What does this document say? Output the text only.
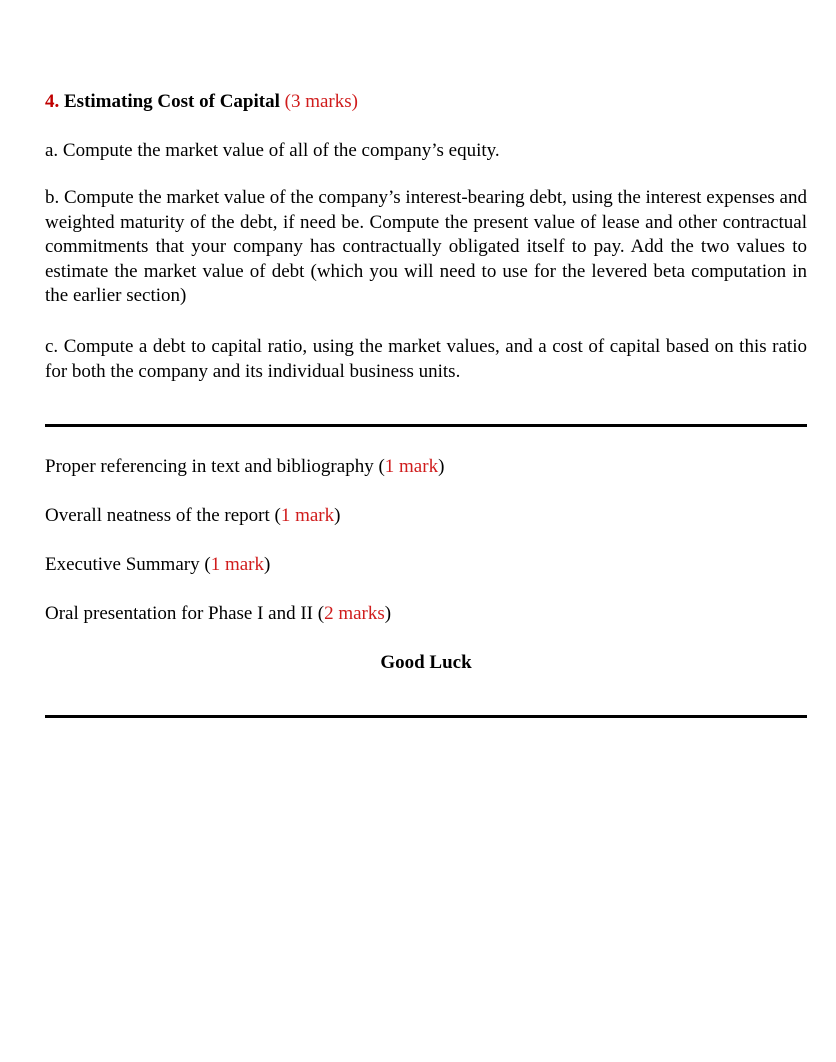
4. Estimating Cost of Capital (3 marks)
a. Compute the market value of all of the company’s equity.
b. Compute the market value of the company’s interest-bearing debt, using the interest expenses and weighted maturity of the debt, if need be. Compute the present value of lease and other contractual commitments that your company has contractually obligated itself to pay. Add the two values to estimate the market value of debt (which you will need to use for the levered beta computation in the earlier section)
c. Compute a debt to capital ratio, using the market values, and a cost of capital based on this ratio for both the company and its individual business units.
Proper referencing in text and bibliography (1 mark)
Overall neatness of the report (1 mark)
Executive Summary (1 mark)
Oral presentation for Phase I and II (2 marks)
Good Luck
